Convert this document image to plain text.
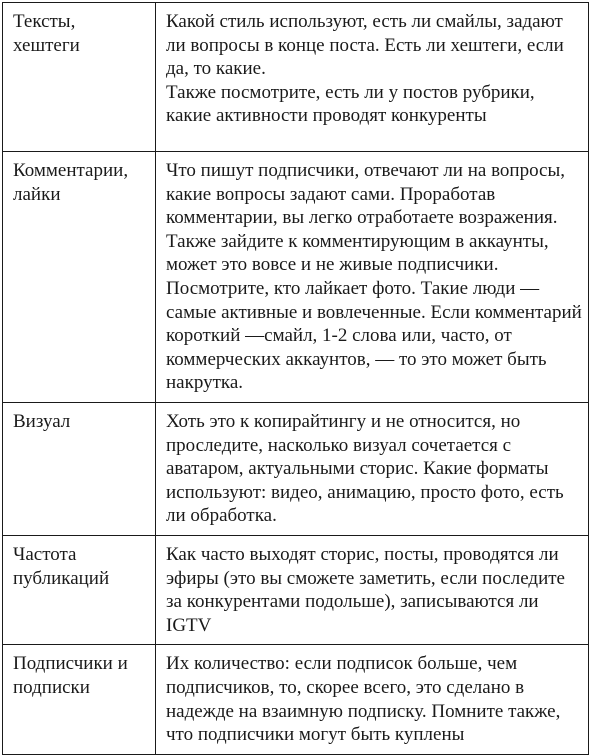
Тексты,
хештеги	Какой стиль используют, есть ли смайлы, задают ли вопросы в конце поста. Есть ли хештеги, если да, то какие.
Также посмотрите, есть ли у постов рубрики, какие активности проводят конкуренты

Комментарии,
лайки	Что пишут подписчики, отвечают ли на вопросы, какие вопросы задают сами. Проработав комментарии, вы легко отработаете возражения. Также зайдите к комментирующим в аккаунты, может это вовсе и не живые подписчики. Посмотрите, кто лайкает фото. Такие люди — самые активные и вовлеченные. Если комментарий короткий —смайл, 1-2 слова или, часто, от коммерческих аккаунтов, — то это может быть накрутка.

Визуал	Хоть это к копирайтингу и не относится, но проследите, насколько визуал сочетается с аватаром, актуальными сторис. Какие форматы используют: видео, анимацию, просто фото, есть ли обработка.

Частота
публикаций	Как часто выходят сторис, посты, проводятся ли эфиры (это вы сможете заметить, если последите за конкурентами подольше), записываются ли IGTV

Подписчики и
подписки	Их количество: если подписок больше, чем подписчиков, то, скорее всего, это сделано в надежде на взаимную подписку. Помните также, что подписчики могут быть куплены
